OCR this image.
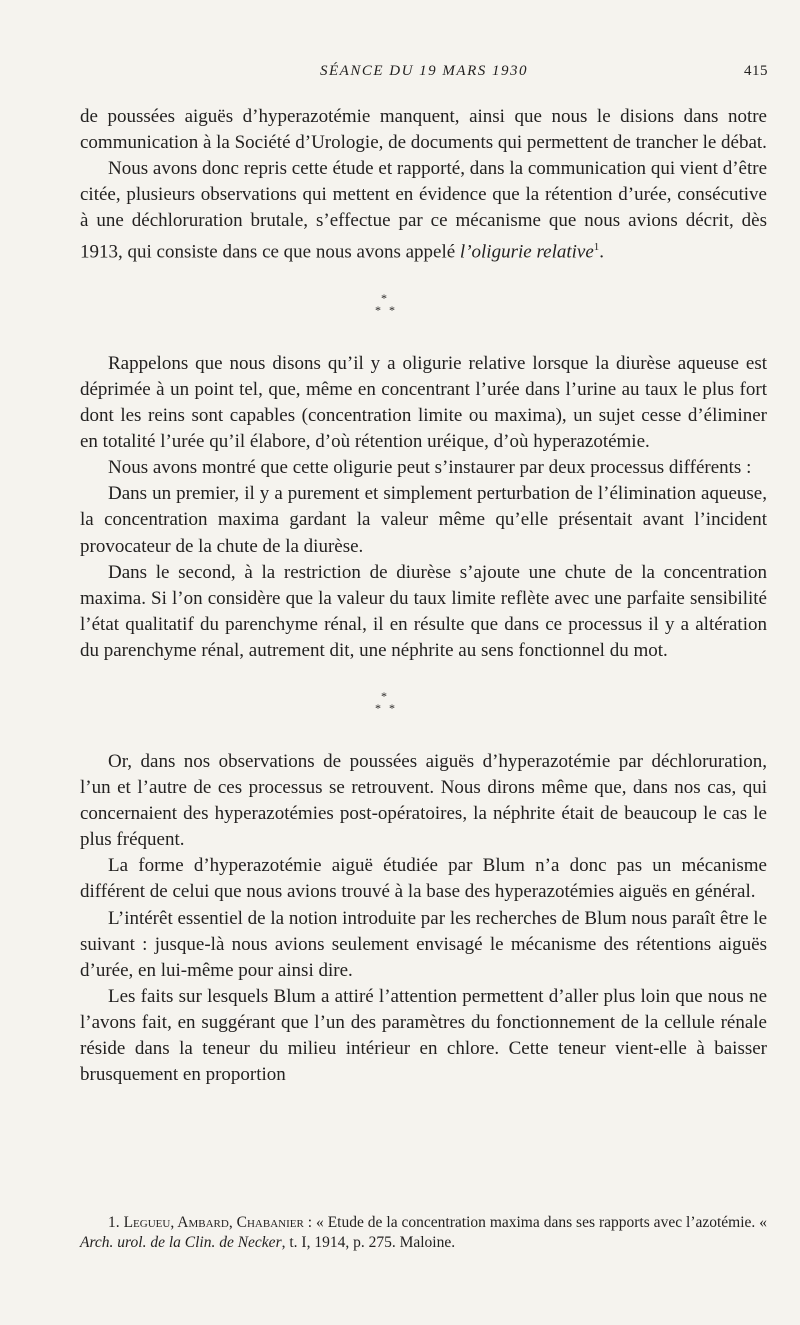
SÉANCE DU 19 MARS 1930	415

de poussées aiguës d’hyperazotémie manquent, ainsi que nous le disions dans notre communication à la Société d’Urologie, de documents qui permettent de trancher le débat.

Nous avons donc repris cette étude et rapporté, dans la communication qui vient d’être citée, plusieurs observations qui mettent en évidence que la rétention d’urée, consécutive à une déchloruration brutale, s’effectue par ce mécanisme que nous avions décrit, dès 1913, qui consiste dans ce que nous avons appelé l’oligurie relative$^1$.

*
* *

Rappelons que nous disons qu’il y a oligurie relative lorsque la diurèse aqueuse est déprimée à un point tel, que, même en concentrant l’urée dans l’urine au taux le plus fort dont les reins sont capables (concentration limite ou maxima), un sujet cesse d’éliminer en totalité l’urée qu’il élabore, d’où rétention uréique, d’où hyperazotémie.

Nous avons montré que cette oligurie peut s’instaurer par deux processus différents :

Dans un premier, il y a purement et simplement perturbation de l’élimination aqueuse, la concentration maxima gardant la valeur même qu’elle présentait avant l’incident provocateur de la chute de la diurèse.

Dans le second, à la restriction de diurèse s’ajoute une chute de la concentration maxima. Si l’on considère que la valeur du taux limite reflète avec une parfaite sensibilité l’état qualitatif du parenchyme rénal, il en résulte que dans ce processus il y a altération du parenchyme rénal, autrement dit, une néphrite au sens fonctionnel du mot.

*
* *

Or, dans nos observations de poussées aiguës d’hyperazotémie par déchloruration, l’un et l’autre de ces processus se retrouvent. Nous dirons même que, dans nos cas, qui concernaient des hyperazotémies post-opératoires, la néphrite était de beaucoup le cas le plus fréquent.

La forme d’hyperazotémie aiguë étudiée par Blum n’a donc pas un mécanisme différent de celui que nous avions trouvé à la base des hyperazotémies aiguës en général.

L’intérêt essentiel de la notion introduite par les recherches de Blum nous paraît être le suivant : jusque-là nous avions seulement envisagé le mécanisme des rétentions aiguës d’urée, en lui-même pour ainsi dire.

Les faits sur lesquels Blum a attiré l’attention permettent d’aller plus loin que nous ne l’avons fait, en suggérant que l’un des paramètres du fonctionnement de la cellule rénale réside dans la teneur du milieu intérieur en chlore. Cette teneur vient-elle à baisser brusquement en proportion

1. Legueu, Ambard, Chabanier : « Etude de la concentration maxima dans ses rapports avec l’azotémie. « Arch. urol. de la Clin. de Necker, t. I, 1914, p. 275. Maloine.
